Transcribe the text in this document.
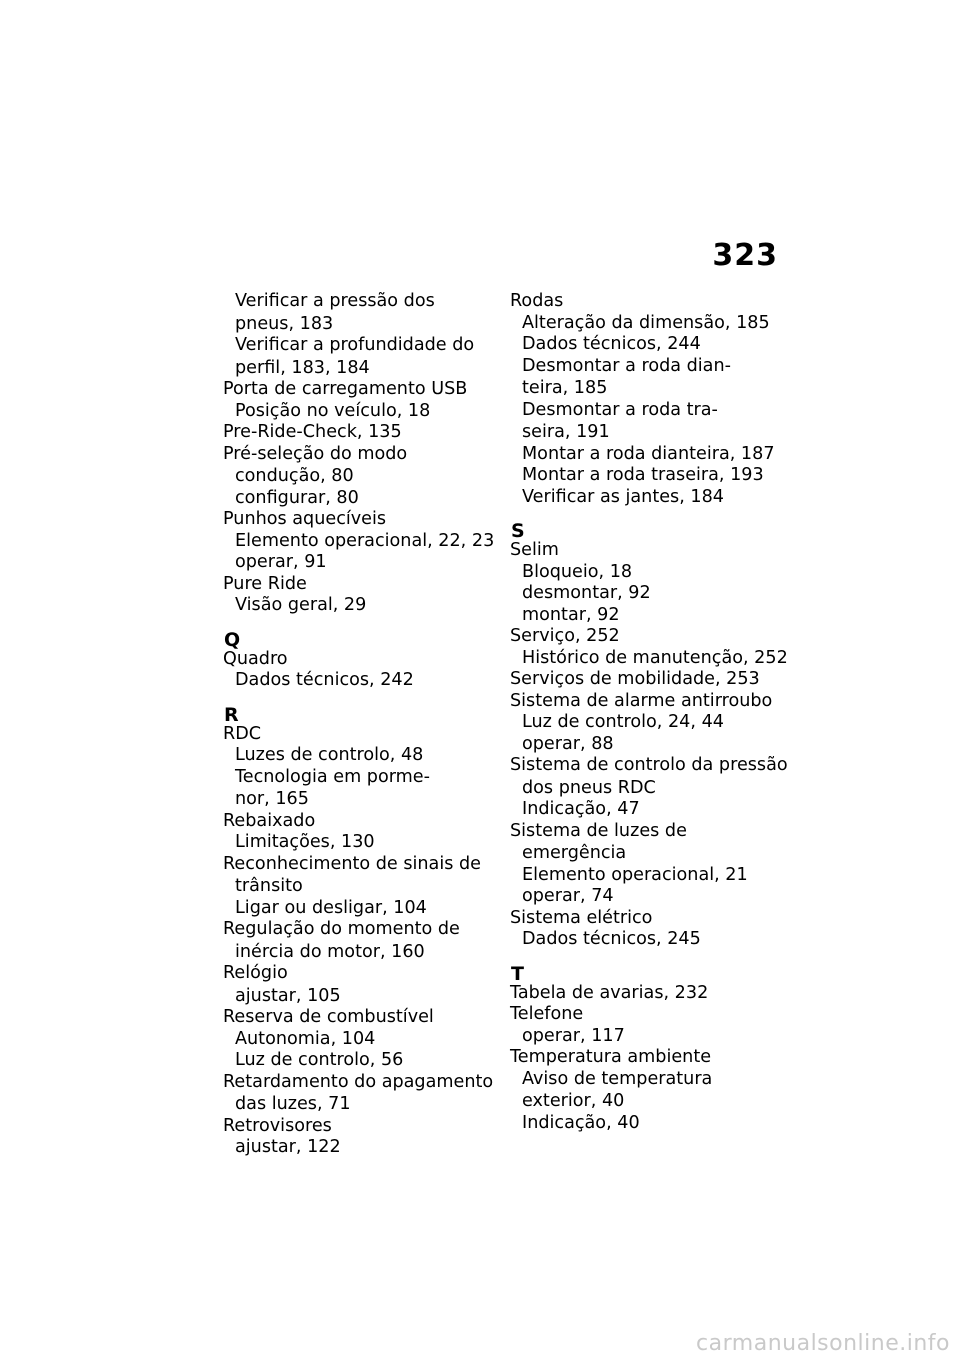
323
Verificar a pressão dos
pneus, 183
Verificar a profundidade do
perfil, 183, 184
Porta de carregamento USB
Posição no veículo, 18
Pre-Ride-Check, 135
Pré-seleção do modo
condução, 80
configurar, 80
Punhos aquecíveis
Elemento operacional, 22, 23
operar, 91
Pure Ride
Visão geral, 29
Q
Quadro
Dados técnicos, 242
R
RDC
Luzes de controlo, 48
Tecnologia em porme-
nor, 165
Rebaixado
Limitações, 130
Reconhecimento de sinais de
trânsito
Ligar ou desligar, 104
Regulação do momento de
inércia do motor, 160
Relógio
ajustar, 105
Reserva de combustível
Autonomia, 104
Luz de controlo, 56
Retardamento do apagamento
das luzes, 71
Retrovisores
ajustar, 122
Rodas
Alteração da dimensão, 185
Dados técnicos, 244
Desmontar a roda dian-
teira, 185
Desmontar a roda tra-
seira, 191
Montar a roda dianteira, 187
Montar a roda traseira, 193
Verificar as jantes, 184
S
Selim
Bloqueio, 18
desmontar, 92
montar, 92
Serviço, 252
Histórico de manutenção, 252
Serviços de mobilidade, 253
Sistema de alarme antirroubo
Luz de controlo, 24, 44
operar, 88
Sistema de controlo da pressão
dos pneus RDC
Indicação, 47
Sistema de luzes de
emergência
Elemento operacional, 21
operar, 74
Sistema elétrico
Dados técnicos, 245
T
Tabela de avarias, 232
Telefone
operar, 117
Temperatura ambiente
Aviso de temperatura
exterior, 40
Indicação, 40
carmanualsonline.info
